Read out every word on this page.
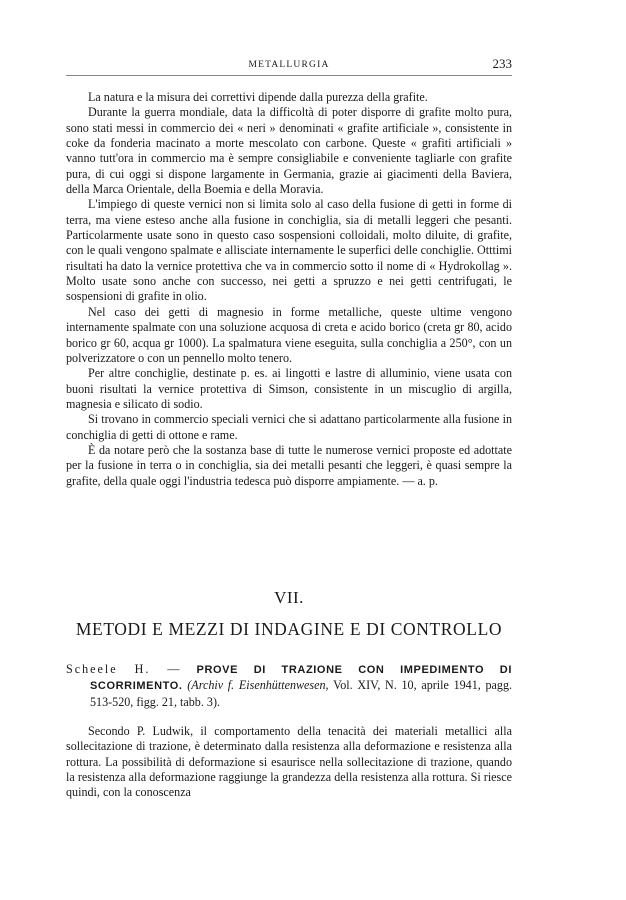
METALLURGIA	233

La natura e la misura dei correttivi dipende dalla purezza della grafite.

Durante la guerra mondiale, data la difficoltà di poter disporre di grafite molto pura, sono stati messi in commercio dei « neri » denominati « grafite artificiale », consistente in coke da fonderia macinato a morte mescolato con carbone. Queste « grafiti artificiali » vanno tutt'ora in commercio ma è sempre consigliabile e conveniente tagliarle con grafite pura, di cui oggi si dispone largamente in Germania, grazie ai giacimenti della Baviera, della Marca Orientale, della Boemia e della Moravia.

L'impiego di queste vernici non si limita solo al caso della fusione di getti in forme di terra, ma viene esteso anche alla fusione in conchiglia, sia di metalli leggeri che pesanti. Particolarmente usate sono in questo caso sospensioni colloidali, molto diluite, di grafite, con le quali vengono spalmate e allisciate internamente le superfici delle conchiglie. Otttimi risultati ha dato la vernice protettiva che va in commercio sotto il nome di « Hydrokollag ». Molto usate sono anche con successo, nei getti a spruzzo e nei getti centrifugati, le sospensioni di grafite in olio.

Nel caso dei getti di magnesio in forme metalliche, queste ultime vengono internamente spalmate con una soluzione acquosa di creta e acido borico (creta gr 80, acido borico gr 60, acqua gr 1000). La spalmatura viene eseguita, sulla conchiglia a 250°, con un polverizzatore o con un pennello molto tenero.

Per altre conchiglie, destinate p. es. ai lingotti e lastre di alluminio, viene usata con buoni risultati la vernice protettiva di Simson, consistente in un miscuglio di argilla, magnesia e silicato di sodio.

Si trovano in commercio speciali vernici che si adattano particolarmente alla fusione in conchiglia di getti di ottone e rame.

È da notare però che la sostanza base di tutte le numerose vernici proposte ed adottate per la fusione in terra o in conchiglia, sia dei metalli pesanti che leggeri, è quasi sempre la grafite, della quale oggi l'industria tedesca può disporre ampiamente. — a. p.

VII.
METODI E MEZZI DI INDAGINE E DI CONTROLLO

Scheele H. — PROVE DI TRAZIONE CON IMPEDIMENTO DI SCORRIMENTO. (Archiv f. Eisenhüttenwesen, Vol. XIV, N. 10, aprile 1941, pagg. 513-520, figg. 21, tabb. 3).

Secondo P. Ludwik, il comportamento della tenacità dei materiali metallici alla sollecitazione di trazione, è determinato dalla resistenza alla deformazione e resistenza alla rottura. La possibilità di deformazione si esaurisce nella sollecitazione di trazione, quando la resistenza alla deformazione raggiunge la grandezza della resistenza alla rottura. Si riesce quindi, con la conoscenza
